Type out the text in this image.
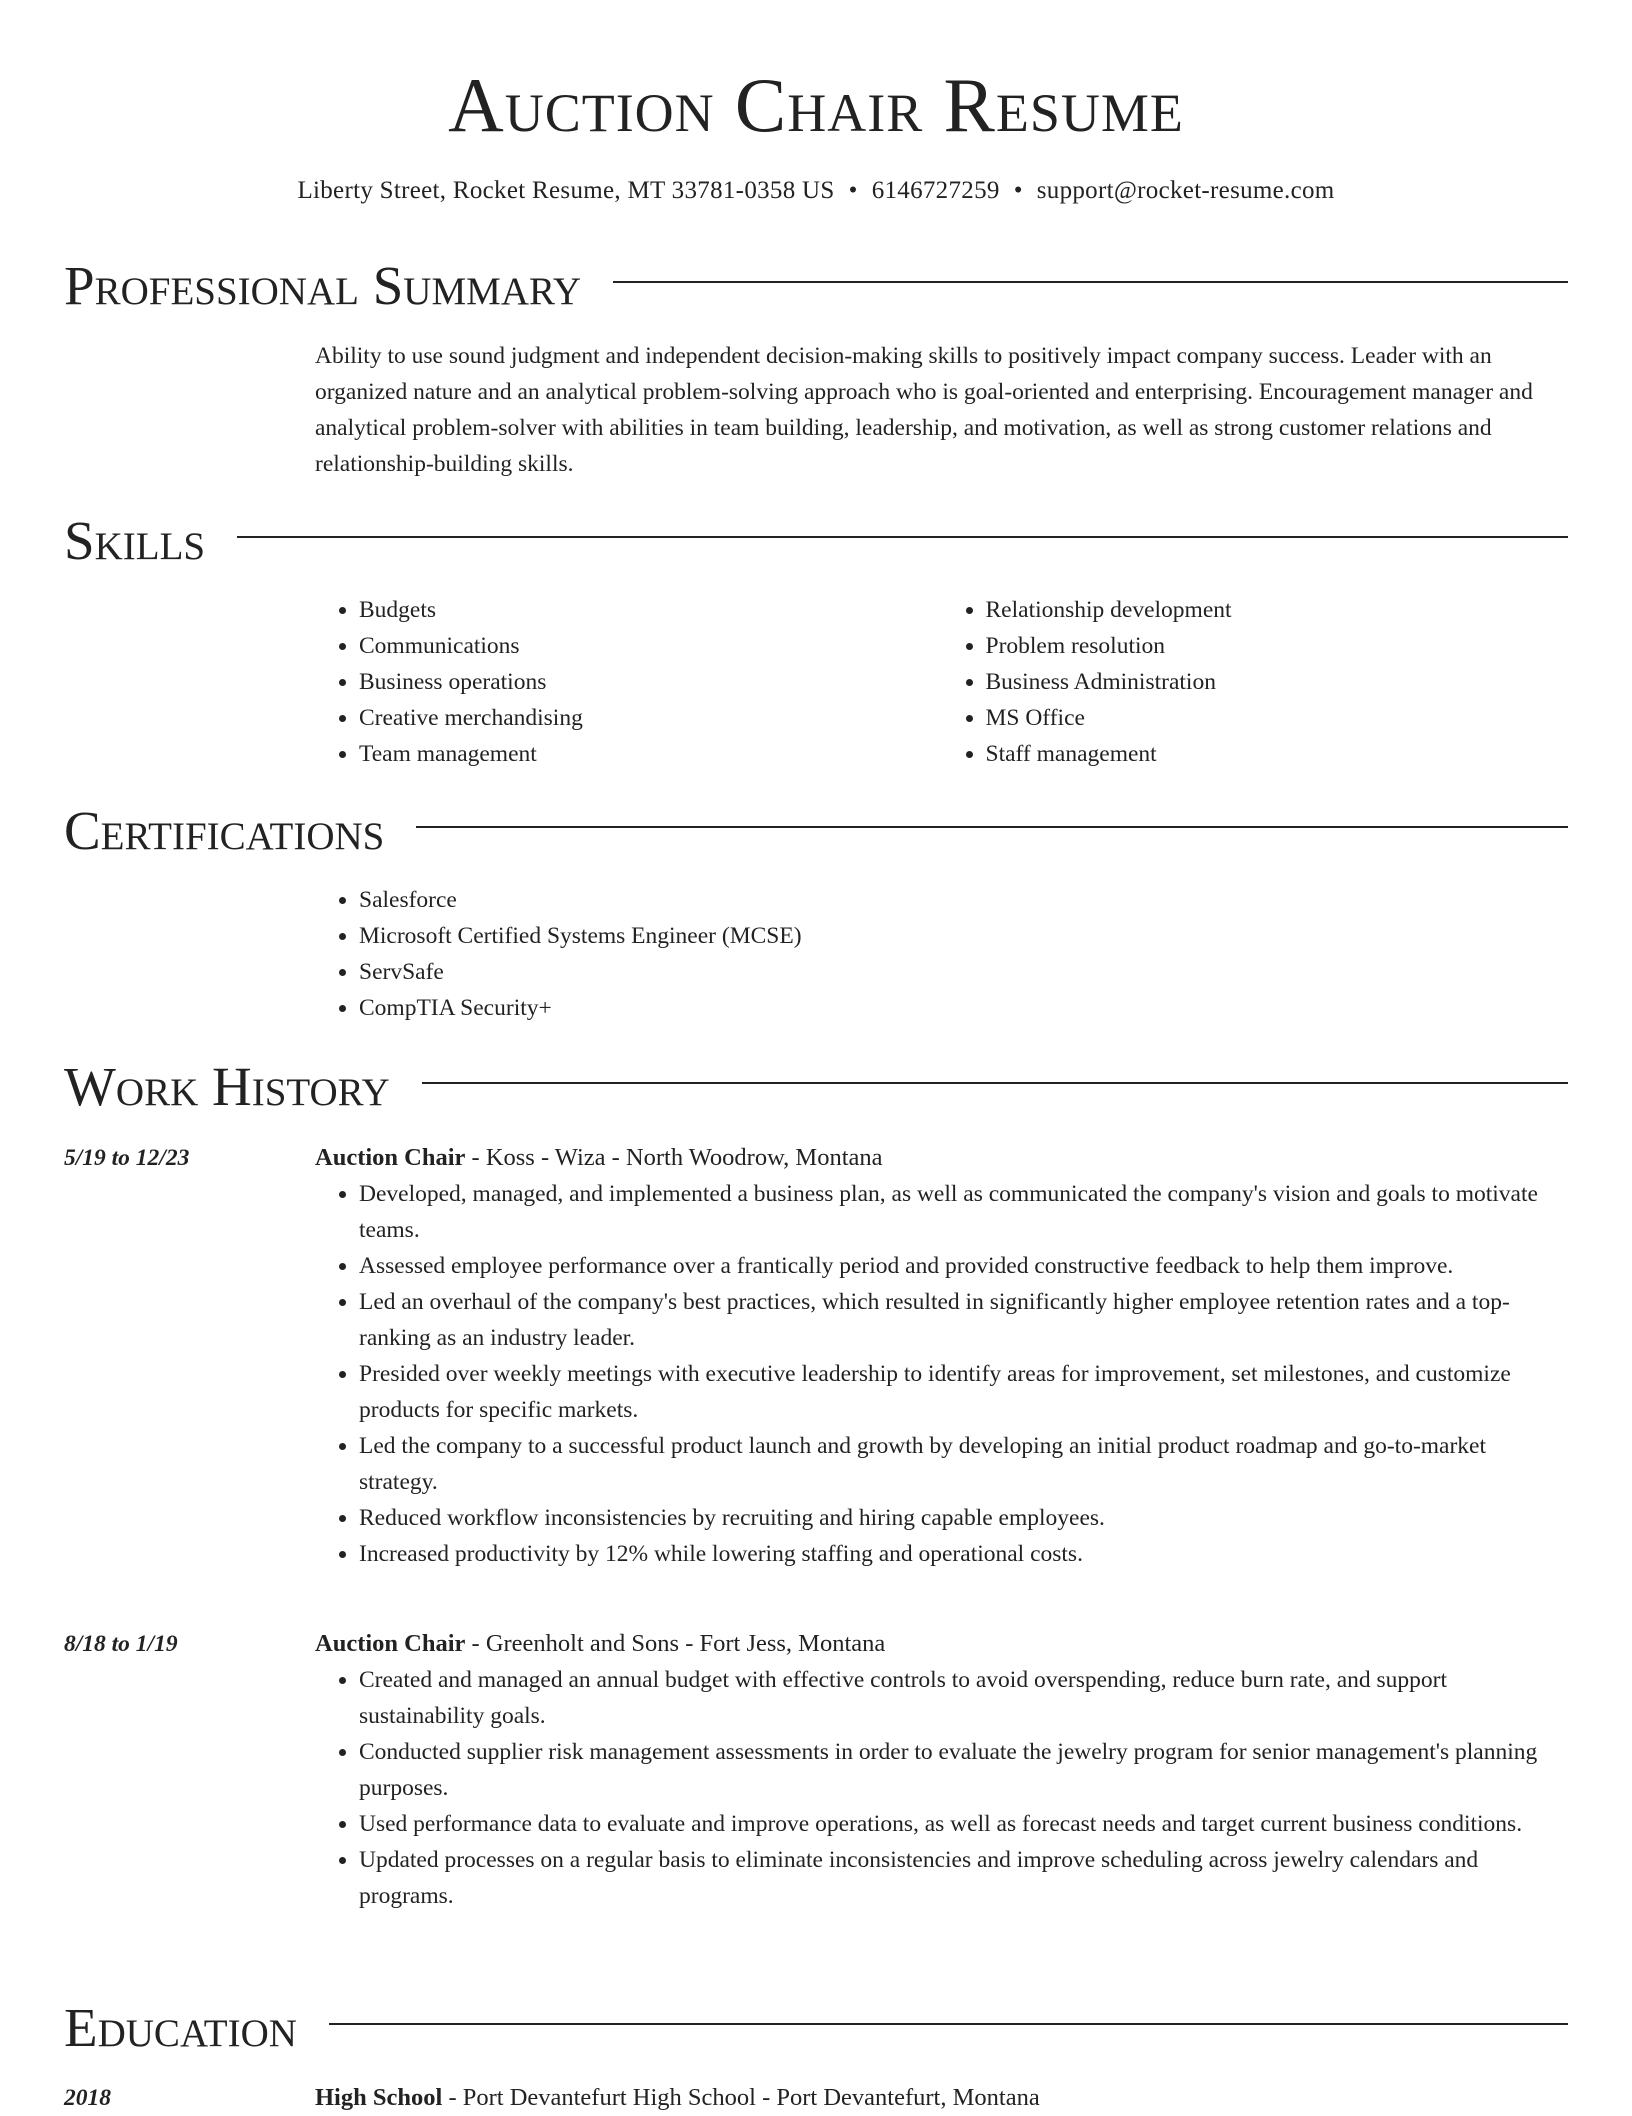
Auction Chair Resume
Liberty Street, Rocket Resume, MT 33781-0358 US • 6146727259 • support@rocket-resume.com
Professional Summary

Ability to use sound judgment and independent decision-making skills to positively impact company success. Leader with an organized nature and an analytical problem-solving approach who is goal-oriented and enterprising. Encouragement manager and analytical problem-solver with abilities in team building, leadership, and motivation, as well as strong customer relations and relationship-building skills.

Skills
• Budgets
• Communications
• Business operations
• Creative merchandising
• Team management
• Relationship development
• Problem resolution
• Business Administration
• MS Office
• Staff management
Certifications
• Salesforce
• Microsoft Certified Systems Engineer (MCSE)
• ServSafe
• CompTIA Security+
Work History
5/19 to 12/23	Auction Chair - Koss - Wiza - North Woodrow, Montana
• Developed, managed, and implemented a business plan, as well as communicated the company's vision and goals to motivate teams.
• Assessed employee performance over a frantically period and provided constructive feedback to help them improve.
• Led an overhaul of the company's best practices, which resulted in significantly higher employee retention rates and a top-ranking as an industry leader.
• Presided over weekly meetings with executive leadership to identify areas for improvement, set milestones, and customize products for specific markets.
• Led the company to a successful product launch and growth by developing an initial product roadmap and go-to-market strategy.
• Reduced workflow inconsistencies by recruiting and hiring capable employees.
• Increased productivity by 12% while lowering staffing and operational costs.
8/18 to 1/19	Auction Chair - Greenholt and Sons - Fort Jess, Montana
• Created and managed an annual budget with effective controls to avoid overspending, reduce burn rate, and support sustainability goals.
• Conducted supplier risk management assessments in order to evaluate the jewelry program for senior management's planning purposes.
• Used performance data to evaluate and improve operations, as well as forecast needs and target current business conditions.
• Updated processes on a regular basis to eliminate inconsistencies and improve scheduling across jewelry calendars and programs.
Education
2018	High School - Port Devantefurt High School - Port Devantefurt, Montana
